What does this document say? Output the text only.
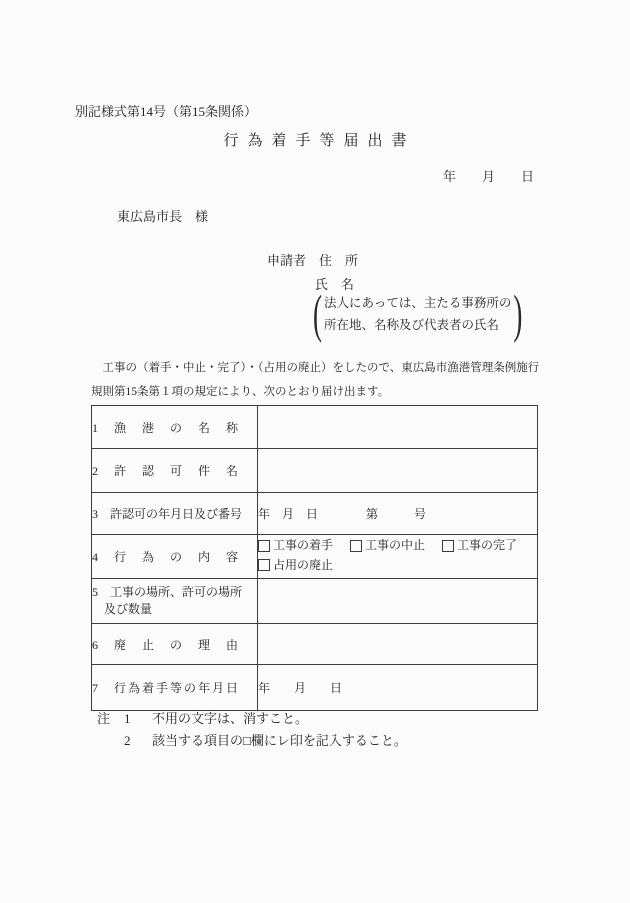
別記様式第14号（第15条関係）
行為着手等届出書
年　　月　　日
東広島市長　様
申請者　住　所
氏　名
( 法人にあっては、主たる事務所の
所在地、名称及び代表者の氏名 )
　工事の（着手・中止・完了）・（占用の廃止）をしたので、東広島市漁港管理条例施行
規則第15条第１項の規定により、次のとおり届け出ます。
1　漁　港　の　名　称	
2　許　認　可　件　名	
3　許認可の年月日及び番号	年　月　日　　　　第　　　号
4　行　為　の　内　容	工事の着手
工事の中止
工事の完了
占用の廃止

5　工事の場所、許可の場所
　及び数量	

6　廃　止　の　理　由	
7　行為着手等の年月日	年　　月　　日
注	1	不用の文字は、消すこと。
2	該当する項目の□欄にレ印を記入すること。
